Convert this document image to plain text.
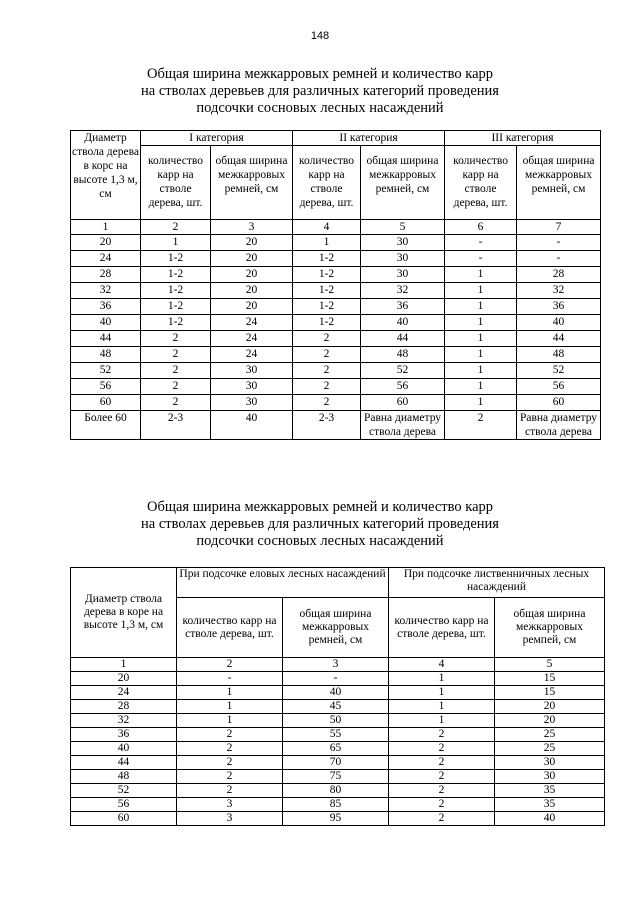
148
Общая ширина межкарровых ремней и количество карр
на стволах деревьев для различных категорий проведения
подсочки сосновых лесных насаждений
Диаметр ствола дерева в корс на высоте 1,3 м, см	I категория		II категория		III категория	
	количество карр на стволе дерева, шт.	общая ширина межкарровых ремней, см	количество карр на стволе дерева, шт.	общая ширина межкарровых ремней, см	количество карр на стволе дерева, шт.	общая ширина межкарровых ремней, см
1	2	3	4	5	6	7
20	1	20	1	30	-	-
24	1-2	20	1-2	30	-	-
28	1-2	20	1-2	30	1	28
32	1-2	20	1-2	32	1	32
36	1-2	20	1-2	36	1	36
40	1-2	24	1-2	40	1	40
44	2	24	2	44	1	44
48	2	24	2	48	1	48
52	2	30	2	52	1	52
56	2	30	2	56	1	56
60	2	30	2	60	1	60
Более 60	2-3	40	2-3	Равна диаметру ствола дерева	2	Равна диаметру ствола дерева
Общая ширина межкарровых ремней и количество карр
на стволах деревьев для различных категорий проведения
подсочки сосновых лесных насаждений
Диаметр ствола дерева в коре на высоте 1,3 м, см	При подсочке еловых лесных насаждений		При подсочке лиственничных лесных насаждений	
	количество карр на стволе дерева, шт.	общая ширина межкарровых ремней, см	количество карр на стволе дерева, шт.	общая ширина межкарровых ремпей, см
1	2	3	4	5
20	-	-	1	15
24	1	40	1	15
28	1	45	1	20
32	1	50	1	20
36	2	55	2	25
40	2	65	2	25
44	2	70	2	30
48	2	75	2	30
52	2	80	2	35
56	3	85	2	35
60	3	95	2	40
